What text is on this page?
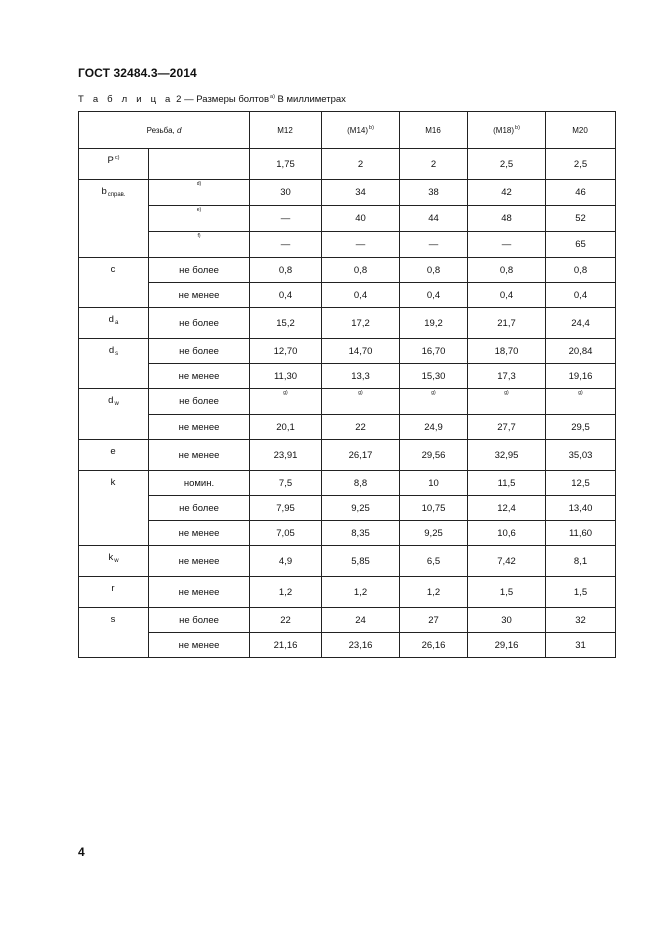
ГОСТ 32484.3—2014
Т а б л и ц а 2 — Размеры болтов$^{a)}$ В миллиметрах
Резьба, d		М12	$(М14)^{b)}$	М16	$(М18)^{b)}$	М20
$P^{c)}$		1,75	2	2	2,5	2,5
$b_{справ.}$	d)	30	34	38	42	46
	e)	—	40	44	48	52
	f)	—	—	—	—	65
c	не более	0,8	0,8	0,8	0,8	0,8
	не менее	0,4	0,4	0,4	0,4	0,4
$d_a$	не более	15,2	17,2	19,2	21,7	24,4
$d_s$	не более	12,70	14,70	16,70	18,70	20,84
	не менее	11,30	13,3	15,30	17,3	19,16
$d_w$	не более	g)	g)	g)	g)	g)
	не менее	20,1	22	24,9	27,7	29,5
e	не менее	23,91	26,17	29,56	32,95	35,03
k	номин.	7,5	8,8	10	11,5	12,5
	не более	7,95	9,25	10,75	12,4	13,40
	не менее	7,05	8,35	9,25	10,6	11,60
$k_w$	не менее	4,9	5,85	6,5	7,42	8,1
r	не менее	1,2	1,2	1,2	1,5	1,5
s	не более	22	24	27	30	32
	не менее	21,16	23,16	26,16	29,16	31
4
